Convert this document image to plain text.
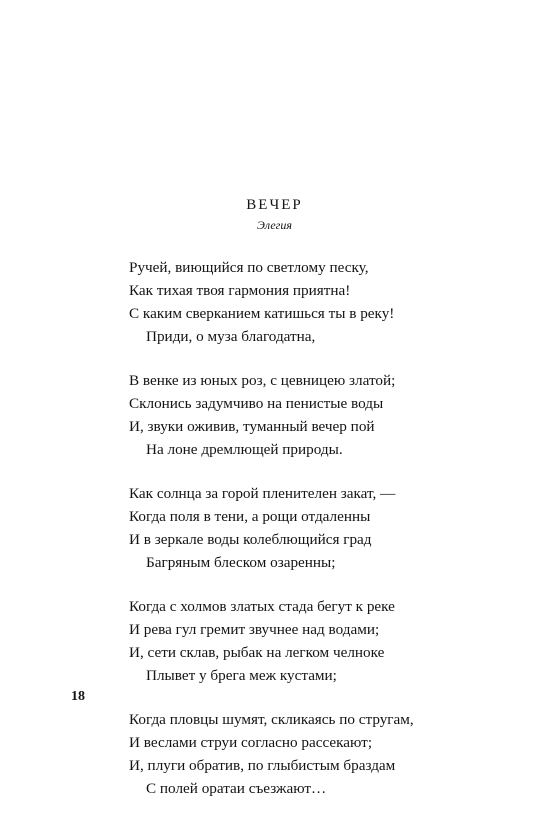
ВЕЧЕР
Элегия
Ручей, виющийся по светлому песку,
Как тихая твоя гармония приятна!
С каким сверканием катишься ты в реку!
Приди, о муза благодатна,
В венке из юных роз, с цевницею златой;
Склонись задумчиво на пенистые воды
И, звуки оживив, туманный вечер пой
На лоне дремлющей природы.
Как солнца за горой пленителен закат, —
Когда поля в тени, а рощи отдаленны
И в зеркале воды колеблющийся град
Багряным блеском озаренны;
Когда с холмов златых стада бегут к реке
И рева гул гремит звучнее над водами;
И, сети склав, рыбак на легком челноке
Плывет у брега меж кустами;
Когда пловцы шумят, скликаясь по стругам,
И веслами струи согласно рассекают;
И, плуги обратив, по глыбистым браздам
С полей оратаи съезжают…
18
